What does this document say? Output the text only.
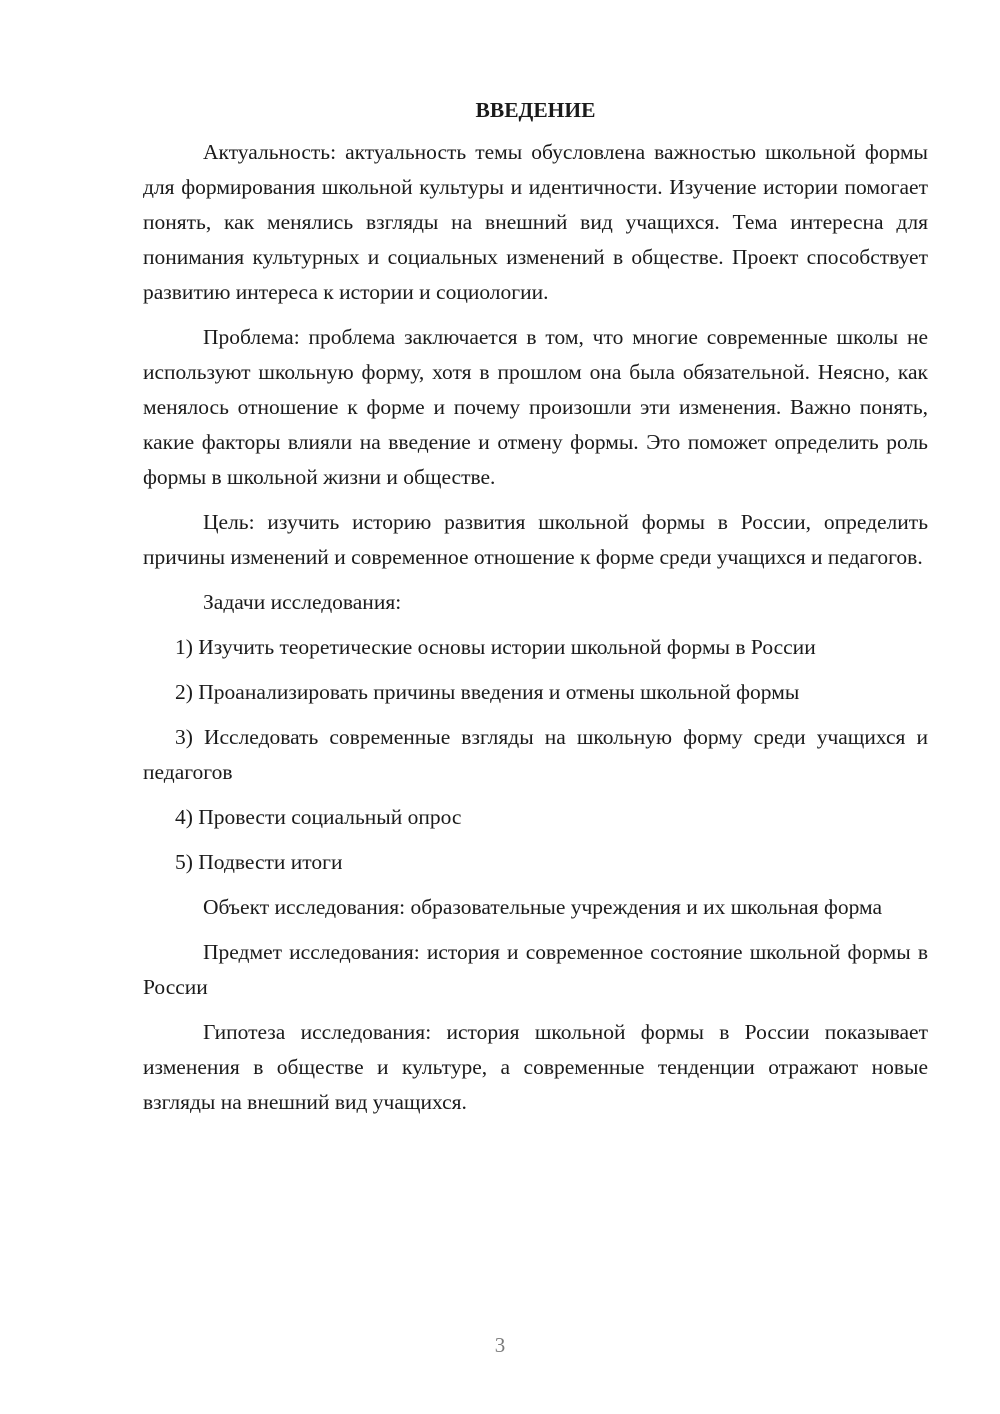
ВВЕДЕНИЕ

Актуальность: актуальность темы обусловлена важностью школьной формы для формирования школьной культуры и идентичности. Изучение истории помогает понять, как менялись взгляды на внешний вид учащихся. Тема интересна для понимания культурных и социальных изменений в обществе. Проект способствует развитию интереса к истории и социологии.

Проблема: проблема заключается в том, что многие современные школы не используют школьную форму, хотя в прошлом она была обязательной. Неясно, как менялось отношение к форме и почему произошли эти изменения. Важно понять, какие факторы влияли на введение и отмену формы. Это поможет определить роль формы в школьной жизни и обществе.

Цель: изучить историю развития школьной формы в России, определить причины изменений и современное отношение к форме среди учащихся и педагогов.

Задачи исследования:

1) Изучить теоретические основы истории школьной формы в России

2) Проанализировать причины введения и отмены школьной формы

3) Исследовать современные взгляды на школьную форму среди учащихся и педагогов

4) Провести социальный опрос

5) Подвести итоги

Объект исследования: образовательные учреждения и их школьная форма

Предмет исследования: история и современное состояние школьной формы в России

Гипотеза исследования: история школьной формы в России показывает изменения в обществе и культуре, а современные тенденции отражают новые взгляды на внешний вид учащихся.

3
